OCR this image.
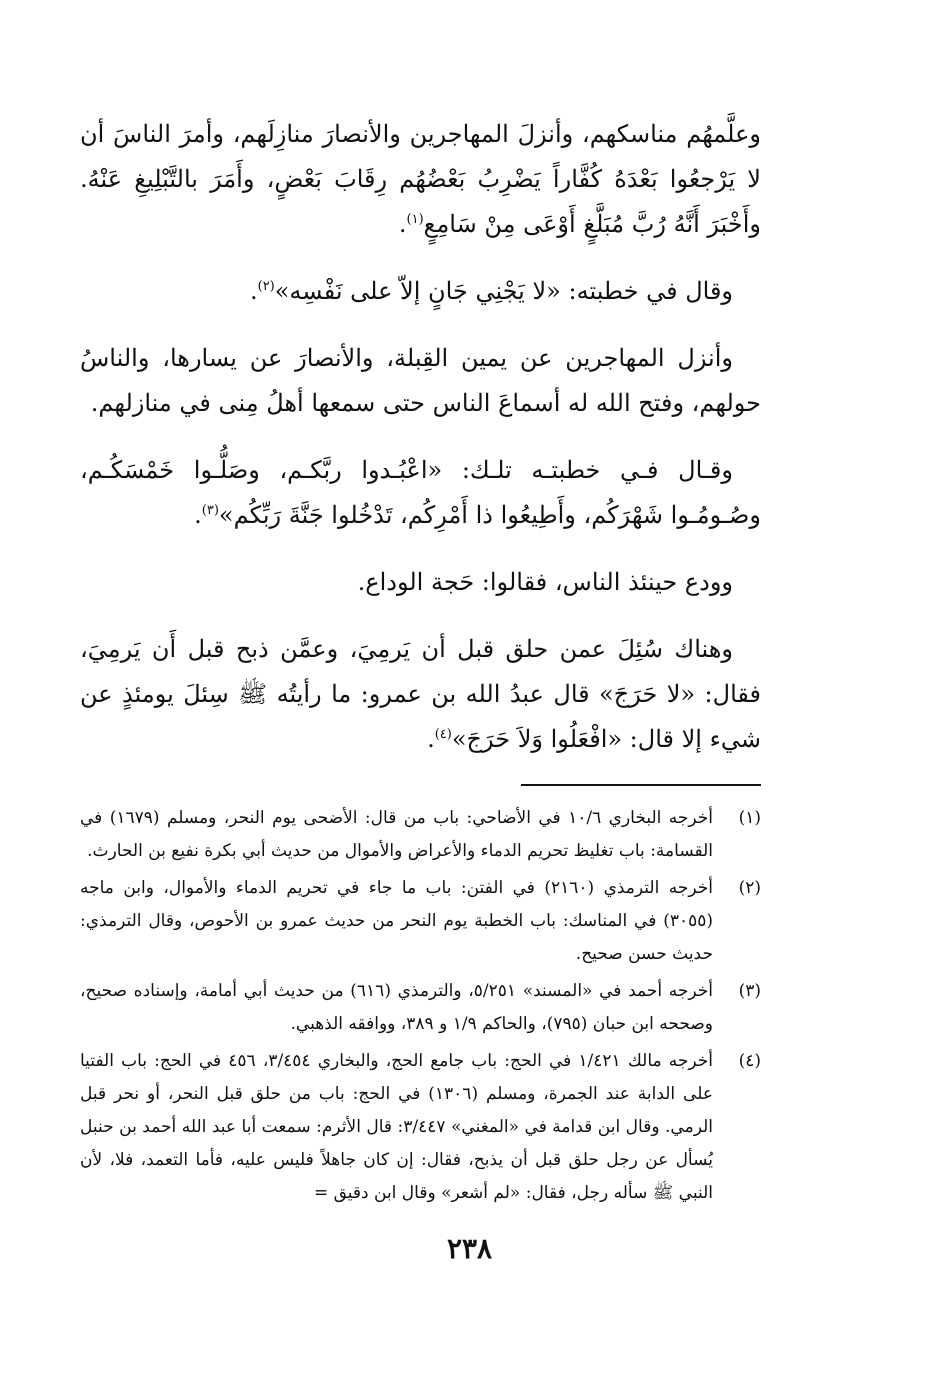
وعلَّمهُم مناسكهم، وأنزلَ المهاجرين والأنصارَ منازِلَهم، وأمرَ الناسَ أن لا يَرْجعُوا بَعْدَهُ كُفَّاراً يَضْرِبُ بَعْضُهُم رِقَابَ بَعْضٍ، وأَمَرَ بالتَّبْلِيغِ عَنْهُ. وأَخْبَرَ أَنَّهُ رُبَّ مُبَلَّغٍ أَوْعَى مِنْ سَامِعٍ$^{(١)}$.

وقال في خطبته: «لا يَجْنِي جَانٍ إلاّ على نَفْسِه»$^{(٢)}$.

وأنزل المهاجرين عن يمين القِبلة، والأنصارَ عن يسارها، والناسُ حولهم، وفتح الله له أسماعَ الناس حتى سمعها أهلُ مِنى في منازلهم.

وقـال فـي خطبتـه تلـك: «اعْبُـدوا ربَّكـم، وصَلُّـوا خَمْسَكُـم، وصُـومُـوا شَهْرَكُم، وأَطِيعُوا ذا أَمْرِكُم، تَدْخُلوا جَنَّةَ رَبِّكُم»$^{(٣)}$.

وودع حينئذ الناس، فقالوا: حَجة الوداع.

وهناك سُئِلَ عمن حلق قبل أن يَرمِيَ، وعمَّن ذبح قبل أَن يَرمِيَ، فقال: «لا حَرَجَ» قال عبدُ الله بن عمرو: ما رأيتُه ﷺ سِئلَ يومئذٍ عن شيء إلا قال: «افْعَلُوا وَلاَ حَرَجَ»$^{(٤)}$.

(١)
أخرجه البخاري ١٠/٦ في الأضاحي: باب من قال: الأضحى يوم النحر، ومسلم (١٦٧٩) في القسامة: باب تغليظ تحريم الدماء والأعراض والأموال من حديث أبي بكرة نفيع بن الحارث.
(٢)
أخرجه الترمذي (٢١٦٠) في الفتن: باب ما جاء في تحريم الدماء والأموال، وابن ماجه (٣٠٥٥) في المناسك: باب الخطبة يوم النحر من حديث عمرو بن الأحوص، وقال الترمذي: حديث حسن صحيح.
(٣)
أخرجه أحمد في «المسند» ٥/٢٥١، والترمذي (٦١٦) من حديث أبي أمامة، وإسناده صحيح، وصححه ابن حبان (٧٩٥)، والحاكم ١/٩ و ٣٨٩، ووافقه الذهبي.
(٤)
أخرجه مالك ١/٤٢١ في الحج: باب جامع الحج، والبخاري ٣/٤٥٤، ٤٥٦ في الحج: باب الفتيا على الدابة عند الجمرة، ومسلم (١٣٠٦) في الحج: باب من حلق قبل النحر، أو نحر قبل الرمي. وقال ابن قدامة في «المغني» ٣/٤٤٧: قال الأثرم: سمعت أبا عبد الله أحمد بن حنبل يُسأل عن رجل حلق قبل أن يذبح، فقال: إن كان جاهلاً فليس عليه، فأما التعمد، فلا، لأن النبي ﷺ سأله رجل، فقال: «لم أشعر» وقال ابن دقيق =
٢٣٨
